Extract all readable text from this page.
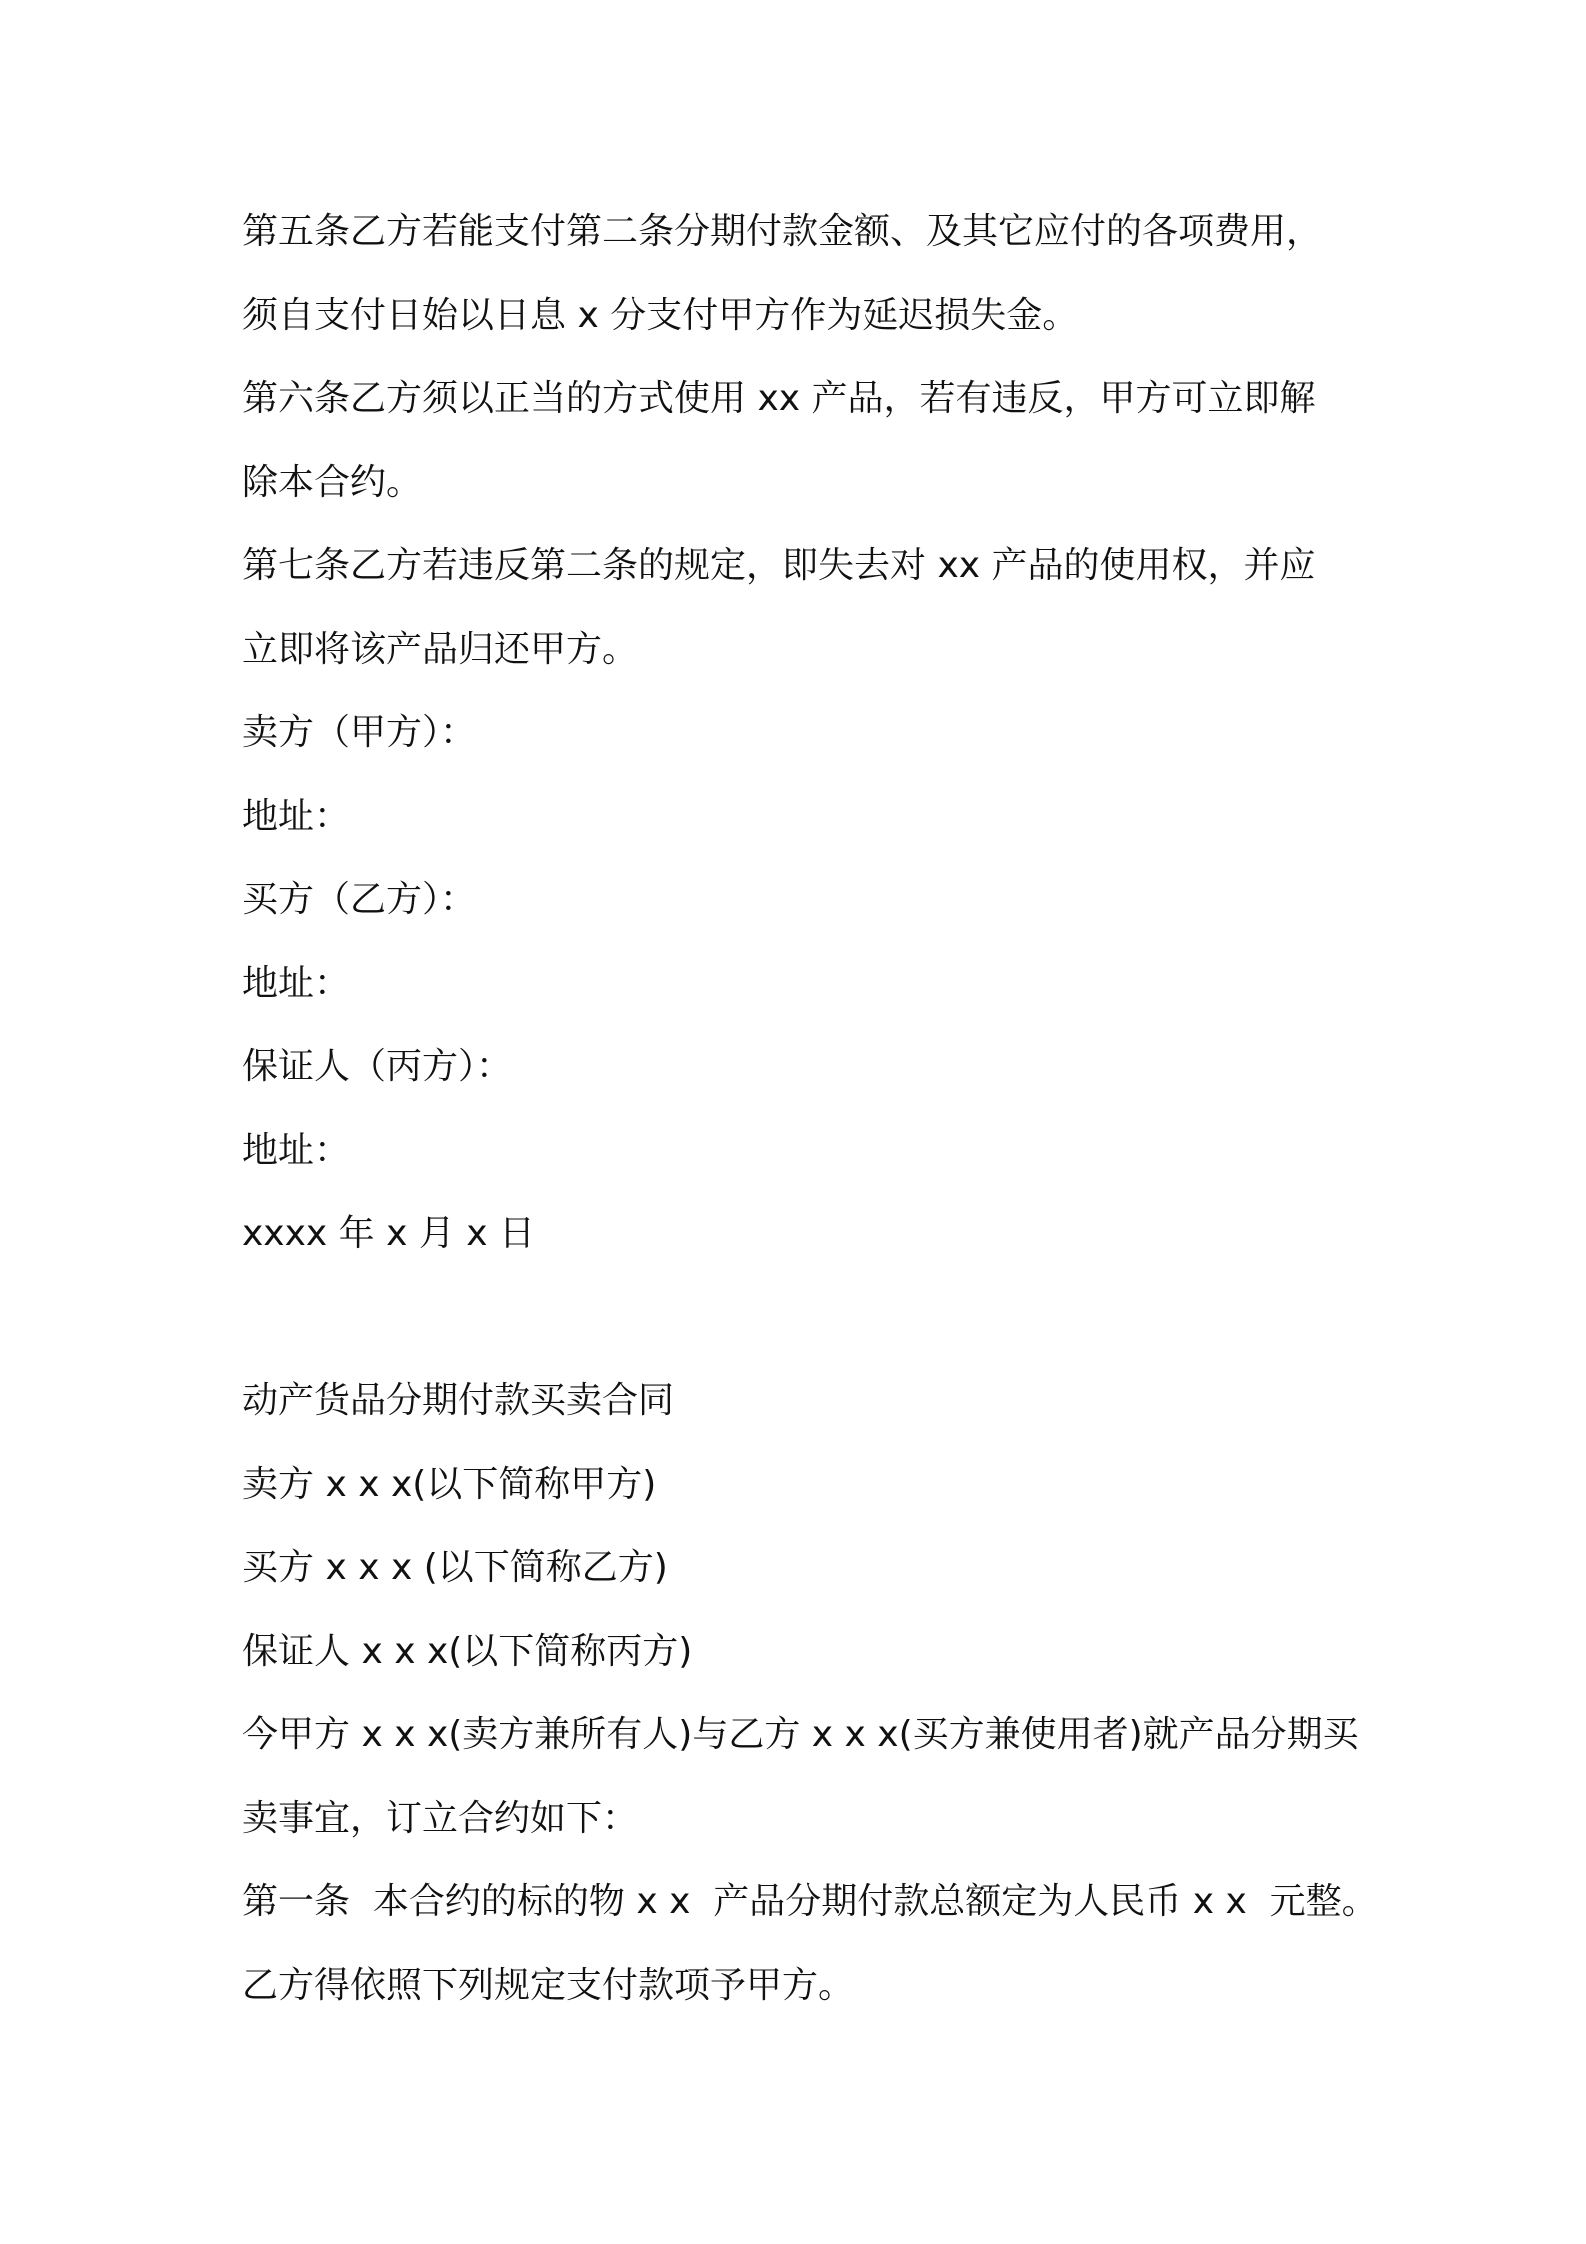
第五条乙方若能支付第二条分期付款金额、及其它应付的各项费用，
须自支付日始以日息 x 分支付甲方作为延迟损失金。
第六条乙方须以正当的方式使用 xx 产品，若有违反，甲方可立即解
除本合约。
第七条乙方若违反第二条的规定，即失去对 xx 产品的使用权，并应
立即将该产品归还甲方。
卖方（甲方）：
地址：
买方（乙方）：
地址：
保证人（丙方）：
地址：
xxxx 年 x 月 x 日
动产货品分期付款买卖合同
卖方 x x x(以下简称甲方)
买方 x x x (以下简称乙方)
保证人 x x x(以下简称丙方)
今甲方 x x x(卖方兼所有人)与乙方 x x x(买方兼使用者)就产品分期买
卖事宜，订立合约如下：
第一条  本合约的标的物 x x  产品分期付款总额定为人民币 x x  元整。
乙方得依照下列规定支付款项予甲方。
